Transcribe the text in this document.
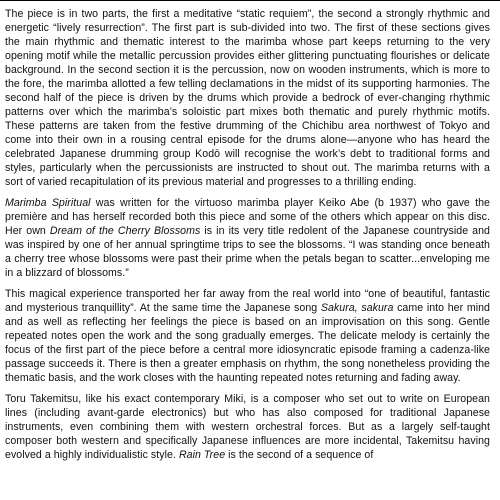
The piece is in two parts, the first a meditative “static requiem”, the second a strongly rhythmic and energetic “lively resurrection”. The first part is sub-divided into two. The first of these sections gives the main rhythmic and thematic interest to the marimba whose part keeps returning to the very opening motif while the metallic percussion provides either glittering punctuating flourishes or delicate background. In the second section it is the percussion, now on wooden instruments, which is more to the fore, the marimba allotted a few telling declamations in the midst of its supporting harmonies. The second half of the piece is driven by the drums which provide a bedrock of ever-changing rhythmic patterns over which the marimba’s soloistic part mixes both thematic and purely rhythmic motifs. These patterns are taken from the festive drumming of the Chichibu area northwest of Tokyo and come into their own in a rousing central episode for the drums alone—anyone who has heard the celebrated Japanese drumming group Kodō will recognise the work’s debt to traditional forms and styles, particularly when the percussionists are instructed to shout out. The marimba returns with a sort of varied recapitulation of its previous material and progresses to a thrilling ending.

Marimba Spiritual was written for the virtuoso marimba player Keiko Abe (b 1937) who gave the première and has herself recorded both this piece and some of the others which appear on this disc. Her own Dream of the Cherry Blossoms is in its very title redolent of the Japanese countryside and was inspired by one of her annual springtime trips to see the blossoms. “I was standing once beneath a cherry tree whose blossoms were past their prime when the petals began to scatter...enveloping me in a blizzard of blossoms.”

This magical experience transported her far away from the real world into “one of beautiful, fantastic and mysterious tranquillity”. At the same time the Japanese song Sakura, sakura came into her mind and as well as reflecting her feelings the piece is based on an improvisation on this song. Gentle repeated notes open the work and the song gradually emerges. The delicate melody is certainly the focus of the first part of the piece before a central more idiosyncratic episode framing a cadenza-like passage succeeds it. There is then a greater emphasis on rhythm, the song nonetheless providing the thematic basis, and the work closes with the haunting repeated notes returning and fading away.

Toru Takemitsu, like his exact contemporary Miki, is a composer who set out to write on European lines (including avant-garde electronics) but who has also composed for traditional Japanese instruments, even combining them with western orchestral forces. But as a largely self-taught composer both western and specifically Japanese influences are more incidental, Takemitsu having evolved a highly individualistic style. Rain Tree is the second of a sequence of
